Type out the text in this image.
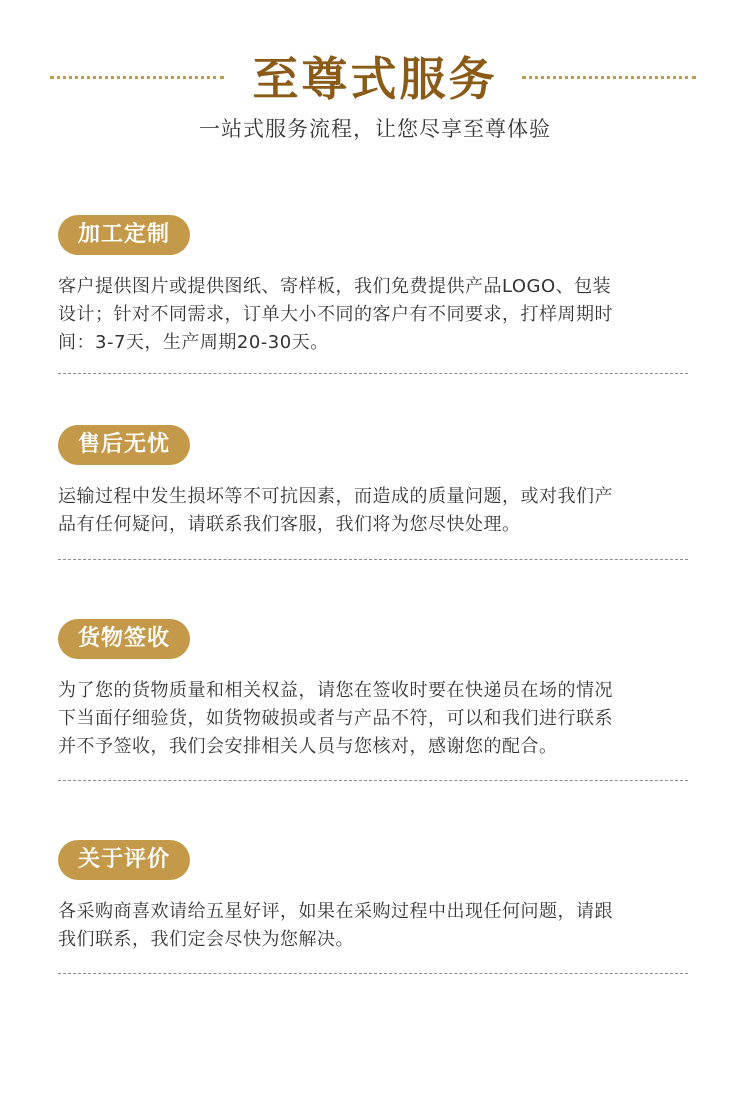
至尊式服务
一站式服务流程，让您尽享至尊体验
加工定制
客户提供图片或提供图纸、寄样板，我们免费提供产品LOGO、包装
设计；针对不同需求，订单大小不同的客户有不同要求，打样周期时
间：3-7天，生产周期20-30天。
售后无忧
运输过程中发生损坏等不可抗因素，而造成的质量问题，或对我们产
品有任何疑问，请联系我们客服，我们将为您尽快处理。
货物签收
为了您的货物质量和相关权益，请您在签收时要在快递员在场的情况
下当面仔细验货，如货物破损或者与产品不符，可以和我们进行联系
并不予签收，我们会安排相关人员与您核对，感谢您的配合。
关于评价
各采购商喜欢请给五星好评，如果在采购过程中出现任何问题，请跟
我们联系，我们定会尽快为您解决。
